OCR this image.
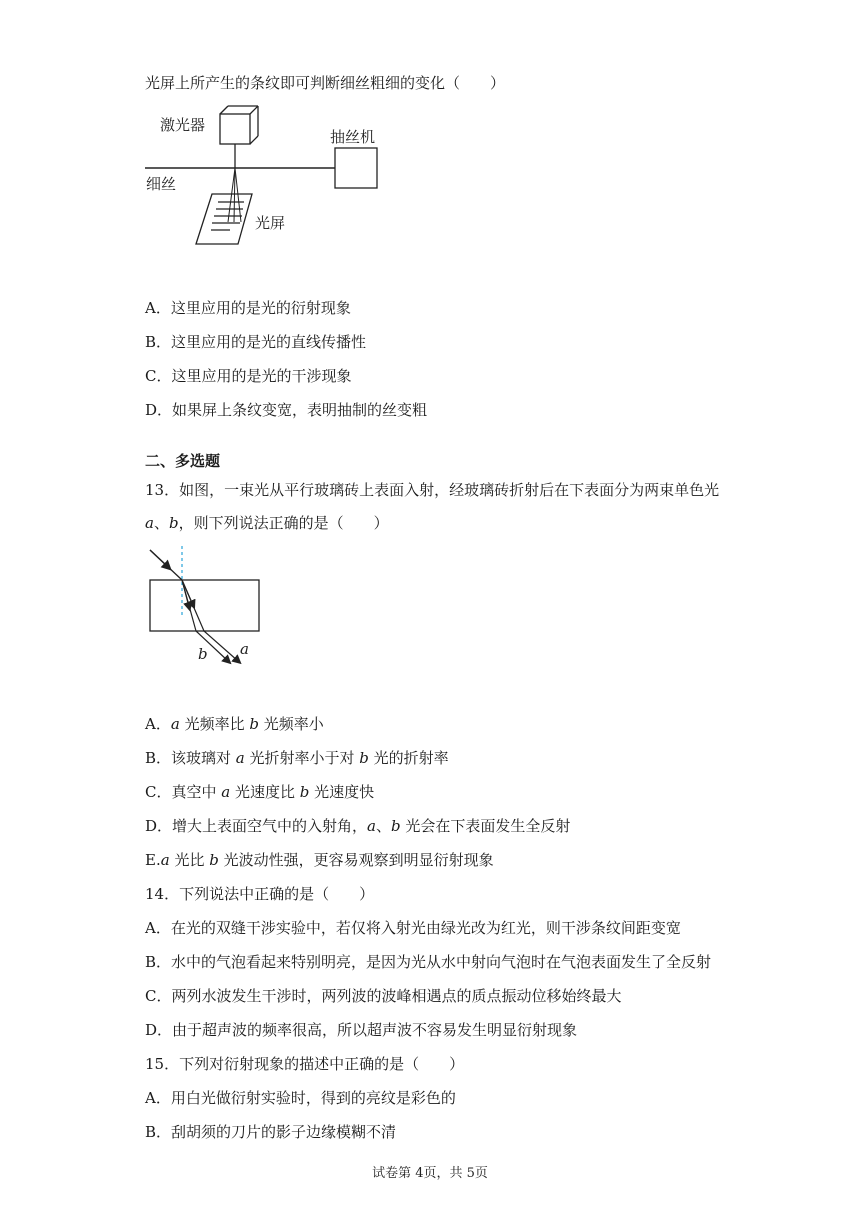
光屏上所产生的条纹即可判断细丝粗细的变化（　　）
激光器
细丝
抽丝机
光屏
A．这里应用的是光的衍射现象
B．这里应用的是光的直线传播性
C．这里应用的是光的干涉现象
D．如果屏上条纹变宽，表明抽制的丝变粗
二、多选题
13．如图，一束光从平行玻璃砖上表面入射，经玻璃砖折射后在下表面分为两束单色光
a、b，则下列说法正确的是（　　）
b a
A．a 光频率比 b 光频率小
B．该玻璃对 a 光折射率小于对 b 光的折射率
C．真空中 a 光速度比 b 光速度快
D．增大上表面空气中的入射角，a、b 光会在下表面发生全反射
E.a 光比 b 光波动性强，更容易观察到明显衍射现象
14．下列说法中正确的是（　　）
A．在光的双缝干涉实验中，若仅将入射光由绿光改为红光，则干涉条纹间距变宽
B．水中的气泡看起来特别明亮，是因为光从水中射向气泡时在气泡表面发生了全反射
C．两列水波发生干涉时，两列波的波峰相遇点的质点振动位移始终最大
D．由于超声波的频率很高，所以超声波不容易发生明显衍射现象
15．下列对衍射现象的描述中正确的是（　　）
A．用白光做衍射实验时，得到的亮纹是彩色的
B．刮胡须的刀片的影子边缘模糊不清
试卷第 4页，共 5页
